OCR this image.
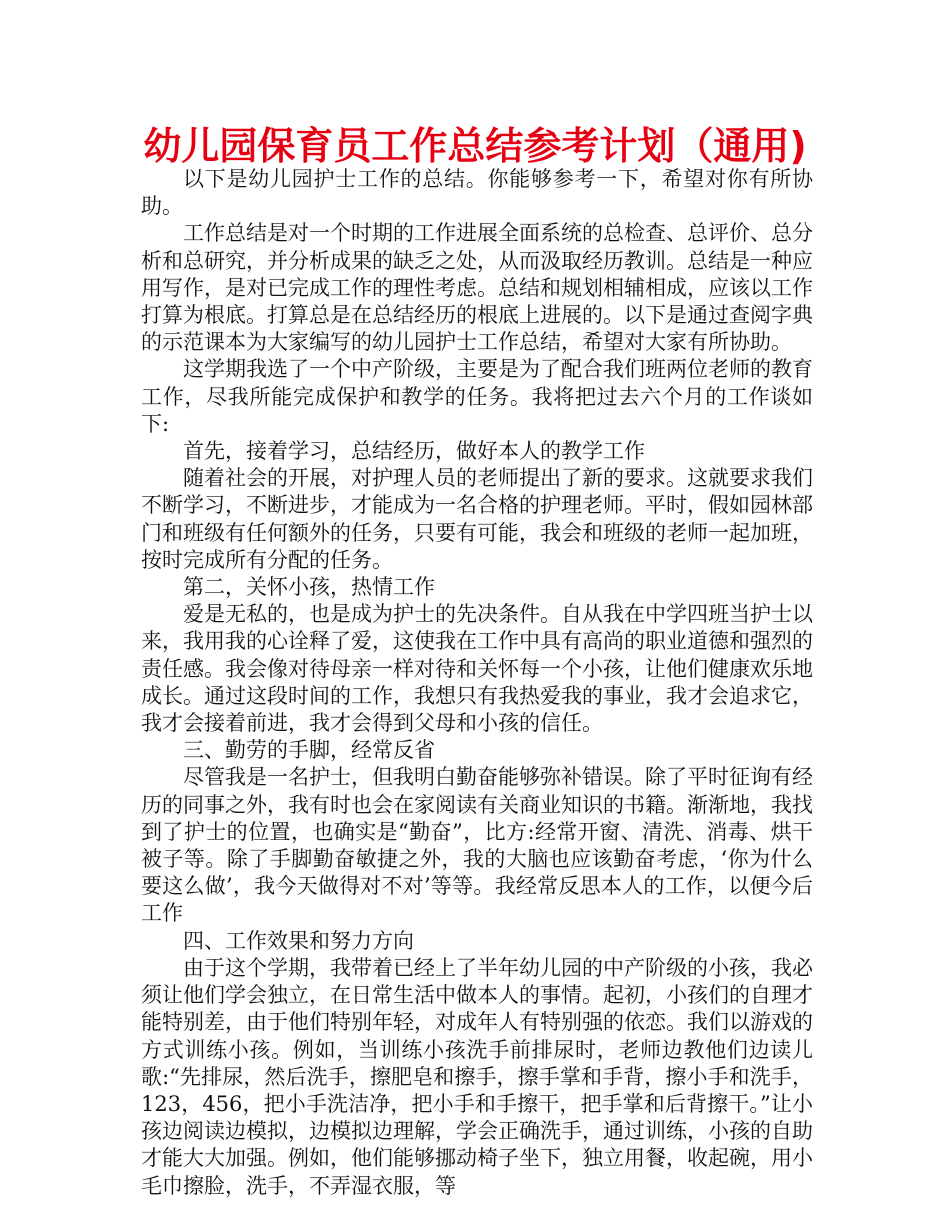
幼儿园保育员工作总结参考计划（通用)

以下是幼儿园护士工作的总结。你能够参考一下，希望对你有所协助。

工作总结是对一个时期的工作进展全面系统的总检查、总评价、总分析和总研究，并分析成果的缺乏之处，从而汲取经历教训。总结是一种应用写作，是对已完成工作的理性考虑。总结和规划相辅相成，应该以工作打算为根底。打算总是在总结经历的根底上进展的。以下是通过查阅字典的示范课本为大家编写的幼儿园护士工作总结，希望对大家有所协助。

这学期我选了一个中产阶级，主要是为了配合我们班两位老师的教育工作，尽我所能完成保护和教学的任务。我将把过去六个月的工作谈如下:

首先，接着学习，总结经历，做好本人的教学工作

随着社会的开展，对护理人员的老师提出了新的要求。这就要求我们不断学习，不断进步，才能成为一名合格的护理老师。平时，假如园林部门和班级有任何额外的任务，只要有可能，我会和班级的老师一起加班，按时完成所有分配的任务。

第二，关怀小孩，热情工作

爱是无私的，也是成为护士的先决条件。自从我在中学四班当护士以来，我用我的心诠释了爱，这使我在工作中具有高尚的职业道德和强烈的责任感。我会像对待母亲一样对待和关怀每一个小孩，让他们健康欢乐地成长。通过这段时间的工作，我想只有我热爱我的事业，我才会追求它，我才会接着前进，我才会得到父母和小孩的信任。

三、勤劳的手脚，经常反省

尽管我是一名护士，但我明白勤奋能够弥补错误。除了平时征询有经历的同事之外，我有时也会在家阅读有关商业知识的书籍。渐渐地，我找到了护士的位置，也确实是“勤奋”，比方:经常开窗、清洗、消毒、烘干被子等。除了手脚勤奋敏捷之外，我的大脑也应该勤奋考虑，‘你为什么要这么做’，我今天做得对不对’等等。我经常反思本人的工作，以便今后工作

四、工作效果和努力方向

由于这个学期，我带着已经上了半年幼儿园的中产阶级的小孩，我必须让他们学会独立，在日常生活中做本人的事情。起初，小孩们的自理才能特别差，由于他们特别年轻，对成年人有特别强的依恋。我们以游戏的方式训练小孩。例如，当训练小孩洗手前排尿时，老师边教他们边读儿歌:“先排尿，然后洗手，擦肥皂和擦手，擦手掌和手背，擦小手和洗手，123，456，把小手洗洁净，把小手和手擦干，把手掌和后背擦干。”让小孩边阅读边模拟，边模拟边理解，学会正确洗手，通过训练，小孩的自助才能大大加强。例如，他们能够挪动椅子坐下，独立用餐，收起碗，用小毛巾擦脸，洗手，不弄湿衣服，等
